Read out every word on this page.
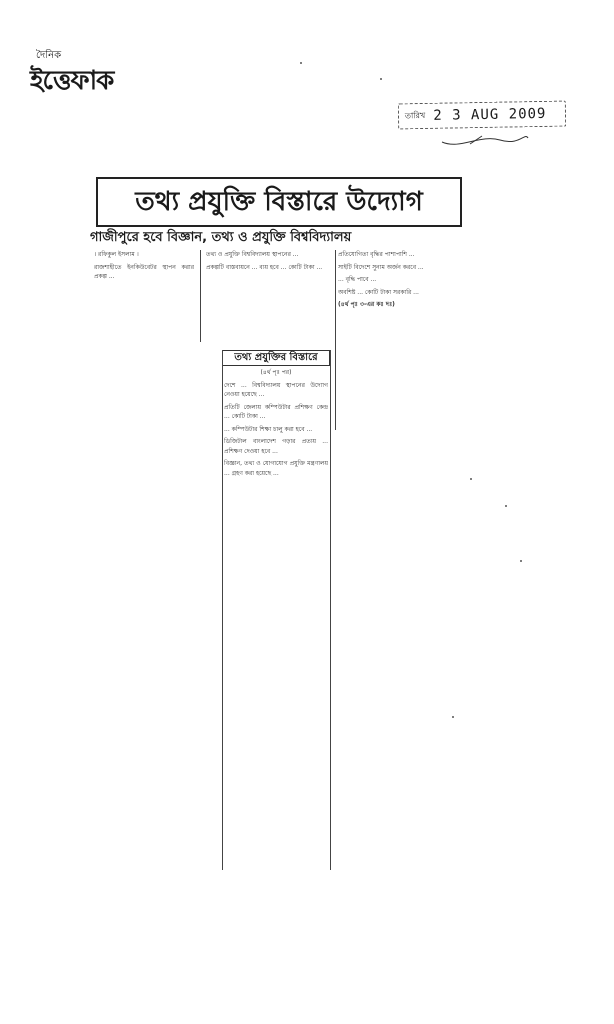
দৈনিক
ইত্তেফাক
তারিখ 2 3 AUG 2009
তথ্য প্রযুক্তি বিস্তারে উদ্যোগ
গাজীপুরে হবে বিজ্ঞান, তথ্য ও প্রযুক্তি বিশ্ববিদ্যালয়

। রফিকুল ইসলাম ।

রাজশাহীতে ইনকিউবেটর স্থাপন করার প্রকল্প ...

তথ্য ও প্রযুক্তি বিশ্ববিদ্যালয় স্থাপনের ...

প্রকল্পটি বাস্তবায়নে ... ব্যয় হবে ... কোটি টাকা ...

প্রতিযোগিতা বৃদ্ধির পাশাপাশি ...

সাইটি বিদেশে সুনাম অর্জন করবে ...

... বৃদ্ধি পাবে ...

অবশিষ্ট ... কোটি টাকা সরকারি ...

(৪র্থ পৃঃ ৩-এর কঃ দঃ)

তথ্য প্রযুক্তির বিস্তারে

(৪র্থ পৃঃ পর)

দেশে ... বিশ্ববিদ্যালয় স্থাপনের উদ্যোগ নেওয়া হয়েছে ...

প্রতিটি জেলায় কম্পিউটার প্রশিক্ষণ কেন্দ্র ... কোটি টাকা ...

... কম্পিউটার শিক্ষা চালু করা হবে ...

ডিজিটাল বাংলাদেশ গড়ার প্রত্যয় ... প্রশিক্ষণ দেওয়া হবে ...

বিজ্ঞান, তথ্য ও যোগাযোগ প্রযুক্তি মন্ত্রণালয় ... গ্রহণ করা হয়েছে ...
